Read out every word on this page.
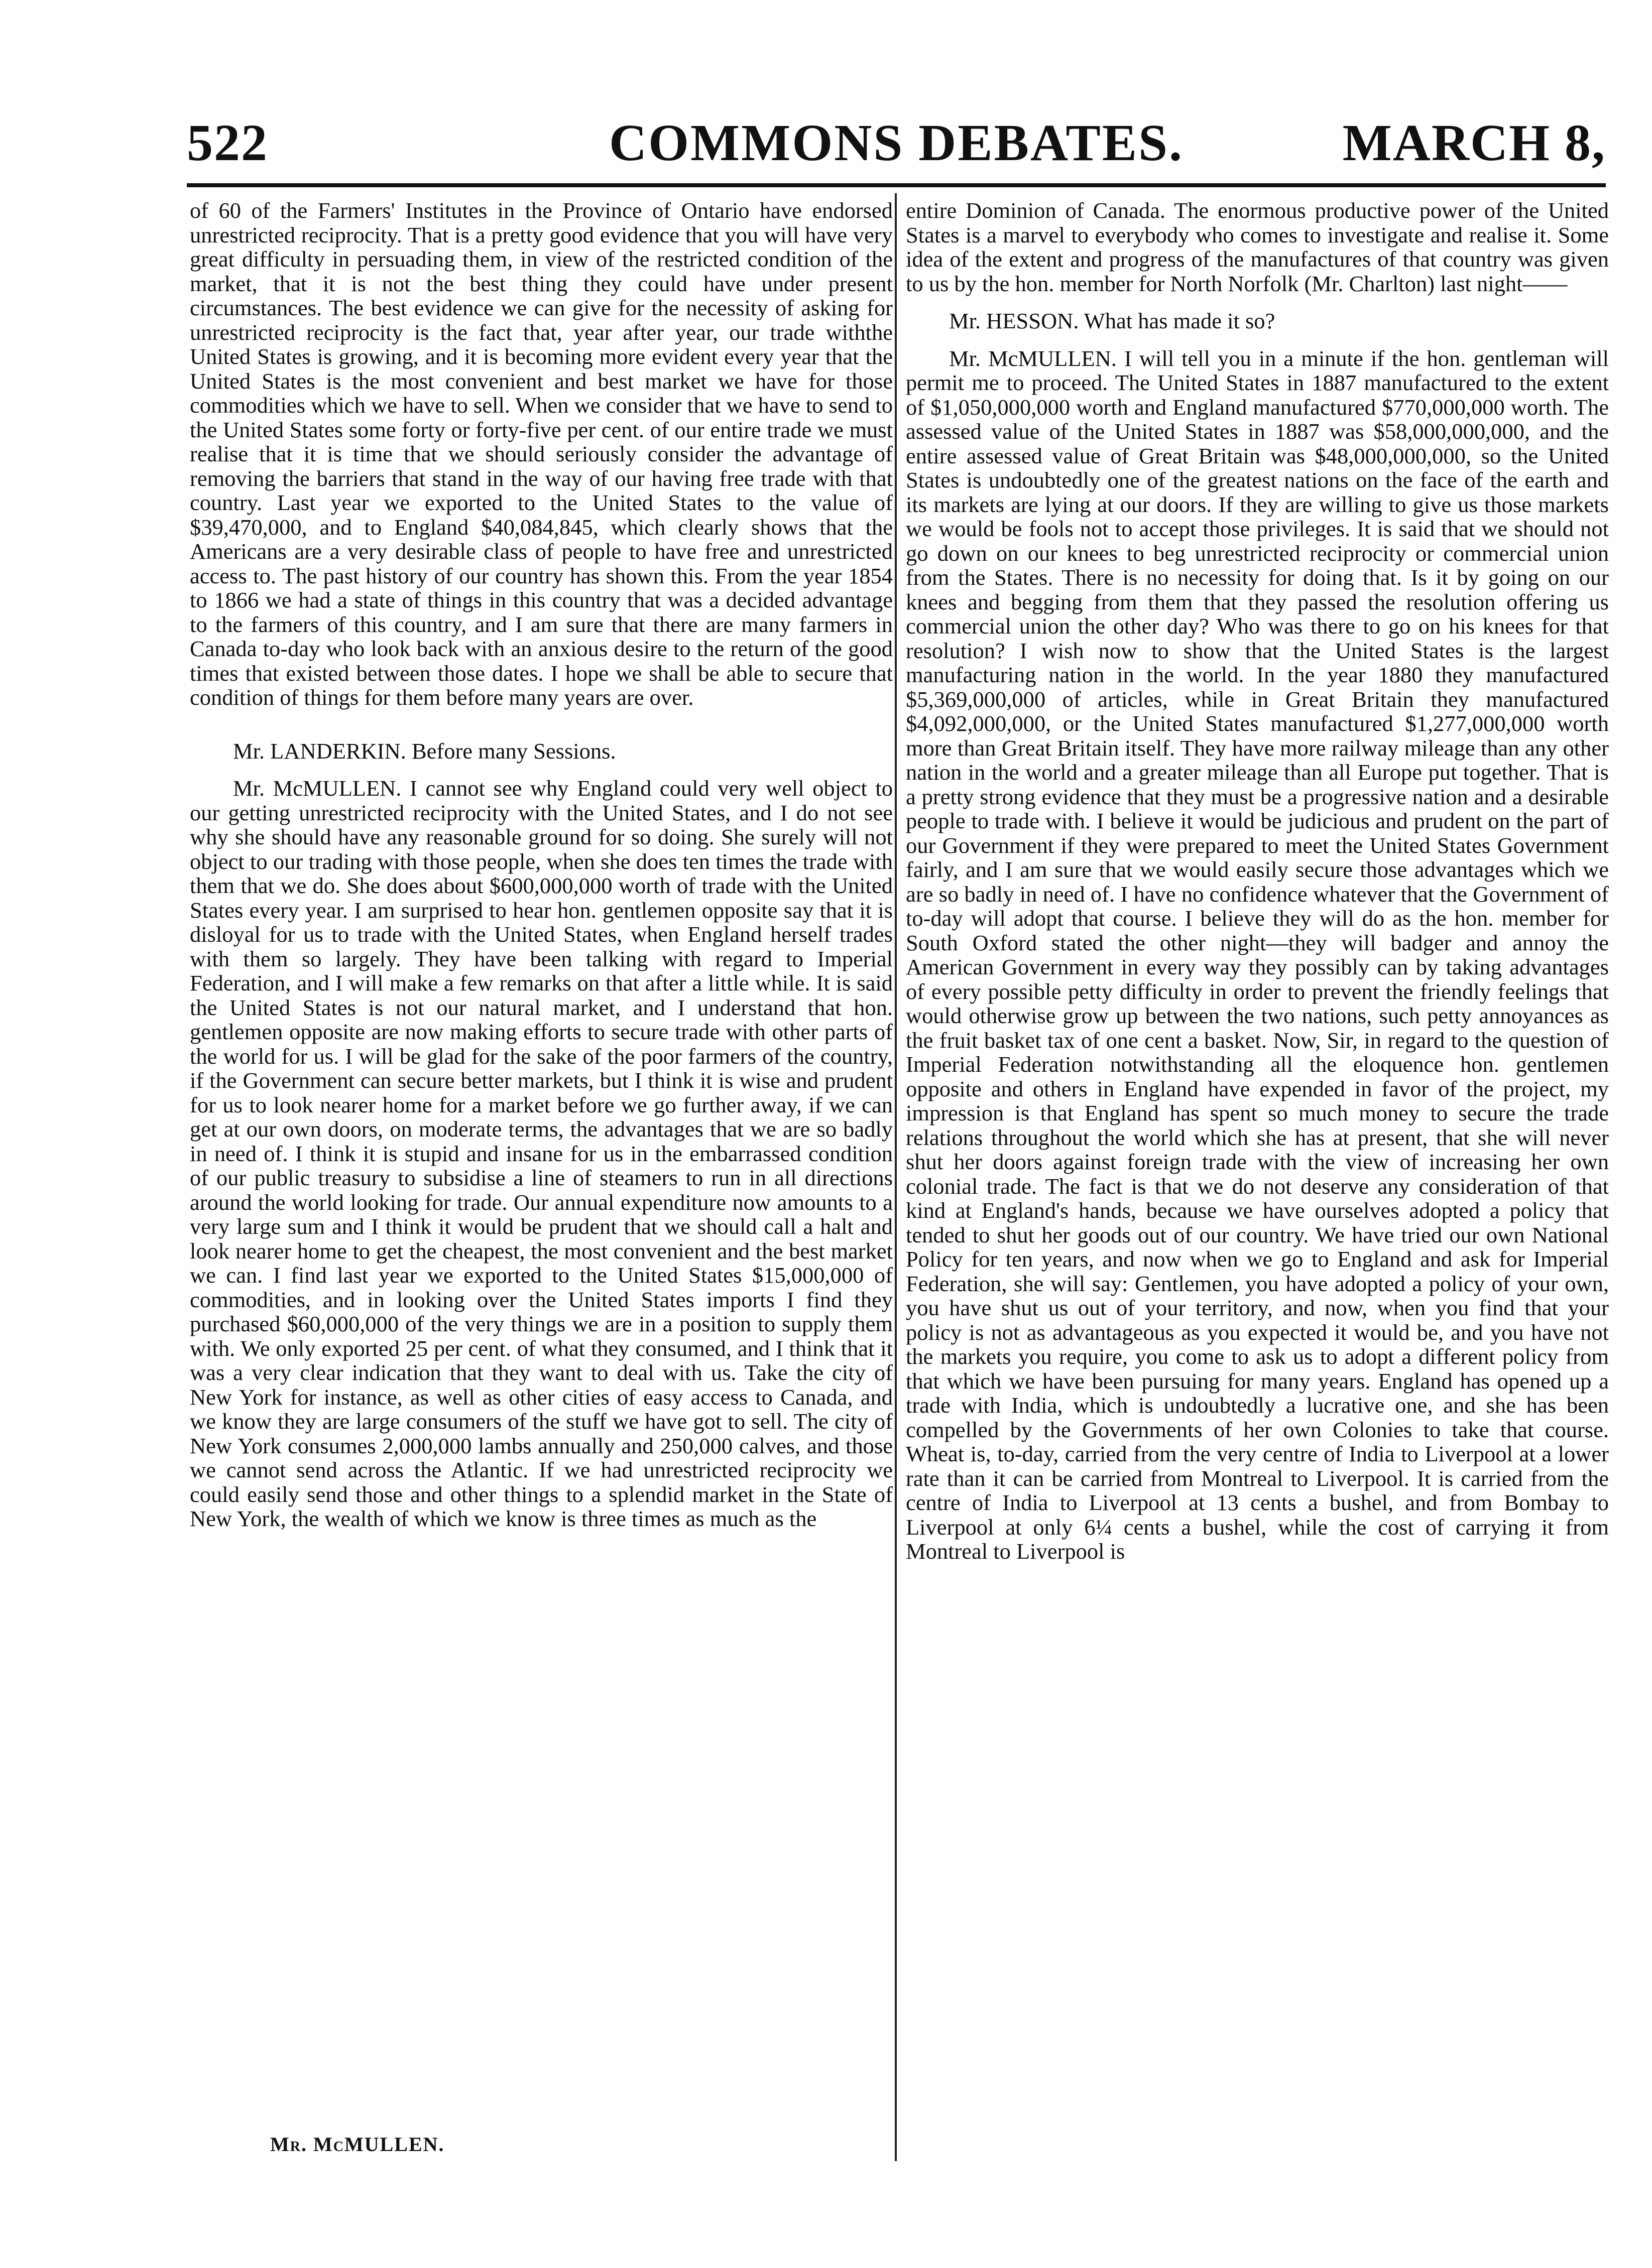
COMMONS DEBATES.
522	MARCH 8,

of 60 of the Farmers' Institutes in the Province of Ontario have endorsed unrestricted reciprocity. That is a pretty good evidence that you will have very great difficulty in persuading them, in view of the restricted condition of the market, that it is not the best thing they could have under present circumstances. The best evidence we can give for the necessity of asking for unrestricted reciprocity is the fact that, year after year, our trade withthe United States is growing, and it is becoming more evident every year that the United States is the most convenient and best market we have for those commodities which we have to sell. When we consider that we have to send to the United States some forty or forty-five per cent. of our entire trade we must realise that it is time that we should seriously consider the advantage of removing the barriers that stand in the way of our having free trade with that country. Last year we exported to the United States to the value of $39,470,000, and to England $40,084,845, which clearly shows that the Americans are a very desirable class of people to have free and unrestricted access to. The past history of our country has shown this. From the year 1854 to 1866 we had a state of things in this country that was a decided advantage to the farmers of this country, and I am sure that there are many farmers in Canada to-day who look back with an anxious desire to the return of the good times that existed between those dates. I hope we shall be able to secure that condition of things for them before many years are over.

Mr. LANDERKIN. Before many Sessions.

Mr. McMULLEN. I cannot see why England could very well object to our getting unrestricted reciprocity with the United States, and I do not see why she should have any reasonable ground for so doing. She surely will not object to our trading with those people, when she does ten times the trade with them that we do. She does about $600,000,000 worth of trade with the United States every year. I am surprised to hear hon. gentlemen opposite say that it is disloyal for us to trade with the United States, when England herself trades with them so largely. They have been talking with regard to Imperial Federation, and I will make a few remarks on that after a little while. It is said the United States is not our natural market, and I understand that hon. gentlemen opposite are now making efforts to secure trade with other parts of the world for us. I will be glad for the sake of the poor farmers of the country, if the Government can secure better markets, but I think it is wise and prudent for us to look nearer home for a market before we go further away, if we can get at our own doors, on moderate terms, the advantages that we are so badly in need of. I think it is stupid and insane for us in the embarrassed condition of our public treasury to subsidise a line of steamers to run in all directions around the world looking for trade. Our annual expenditure now amounts to a very large sum and I think it would be prudent that we should call a halt and look nearer home to get the cheapest, the most convenient and the best market we can. I find last year we exported to the United States $15,000,000 of commodities, and in looking over the United States imports I find they purchased $60,000,000 of the very things we are in a position to supply them with. We only exported 25 per cent. of what they consumed, and I think that it was a very clear indication that they want to deal with us. Take the city of New York for instance, as well as other cities of easy access to Canada, and we know they are large consumers of the stuff we have got to sell. The city of New York consumes 2,000,000 lambs annually and 250,000 calves, and those we cannot send across the Atlantic. If we had unrestricted reciprocity we could easily send those and other things to a splendid market in the State of New York, the wealth of which we know is three times as much as the

Mr. McMULLEN.

entire Dominion of Canada. The enormous productive power of the United States is a marvel to everybody who comes to investigate and realise it. Some idea of the extent and progress of the manufactures of that country was given to us by the hon. member for North Norfolk (Mr. Charlton) last night——

Mr. HESSON. What has made it so?

Mr. McMULLEN. I will tell you in a minute if the hon. gentleman will permit me to proceed. The United States in 1887 manufactured to the extent of $1,050,000,000 worth and England manufactured $770,000,000 worth. The assessed value of the United States in 1887 was $58,000,000,000, and the entire assessed value of Great Britain was $48,000,000,000, so the United States is undoubtedly one of the greatest nations on the face of the earth and its markets are lying at our doors. If they are willing to give us those markets we would be fools not to accept those privileges. It is said that we should not go down on our knees to beg unrestricted reciprocity or commercial union from the States. There is no necessity for doing that. Is it by going on our knees and begging from them that they passed the resolution offering us commercial union the other day? Who was there to go on his knees for that resolution? I wish now to show that the United States is the largest manufacturing nation in the world. In the year 1880 they manufactured $5,369,000,000 of articles, while in Great Britain they manufactured $4,092,000,000, or the United States manufactured $1,277,000,000 worth more than Great Britain itself. They have more railway mileage than any other nation in the world and a greater mileage than all Europe put together. That is a pretty strong evidence that they must be a progressive nation and a desirable people to trade with. I believe it would be judicious and prudent on the part of our Government if they were prepared to meet the United States Government fairly, and I am sure that we would easily secure those advantages which we are so badly in need of. I have no confidence whatever that the Government of to-day will adopt that course. I believe they will do as the hon. member for South Oxford stated the other night—they will badger and annoy the American Government in every way they possibly can by taking advantages of every possible petty difficulty in order to prevent the friendly feelings that would otherwise grow up between the two nations, such petty annoyances as the fruit basket tax of one cent a basket. Now, Sir, in regard to the question of Imperial Federation notwithstanding all the eloquence hon. gentlemen opposite and others in England have expended in favor of the project, my impression is that England has spent so much money to secure the trade relations throughout the world which she has at present, that she will never shut her doors against foreign trade with the view of increasing her own colonial trade. The fact is that we do not deserve any consideration of that kind at England's hands, because we have ourselves adopted a policy that tended to shut her goods out of our country. We have tried our own National Policy for ten years, and now when we go to England and ask for Imperial Federation, she will say: Gentlemen, you have adopted a policy of your own, you have shut us out of your territory, and now, when you find that your policy is not as advantageous as you expected it would be, and you have not the markets you require, you come to ask us to adopt a different policy from that which we have been pursuing for many years. England has opened up a trade with India, which is undoubtedly a lucrative one, and she has been compelled by the Governments of her own Colonies to take that course. Wheat is, to-day, carried from the very centre of India to Liverpool at a lower rate than it can be carried from Montreal to Liverpool. It is carried from the centre of India to Liverpool at 13 cents a bushel, and from Bombay to Liverpool at only 6¼ cents a bushel, while the cost of carrying it from Montreal to Liverpool is
